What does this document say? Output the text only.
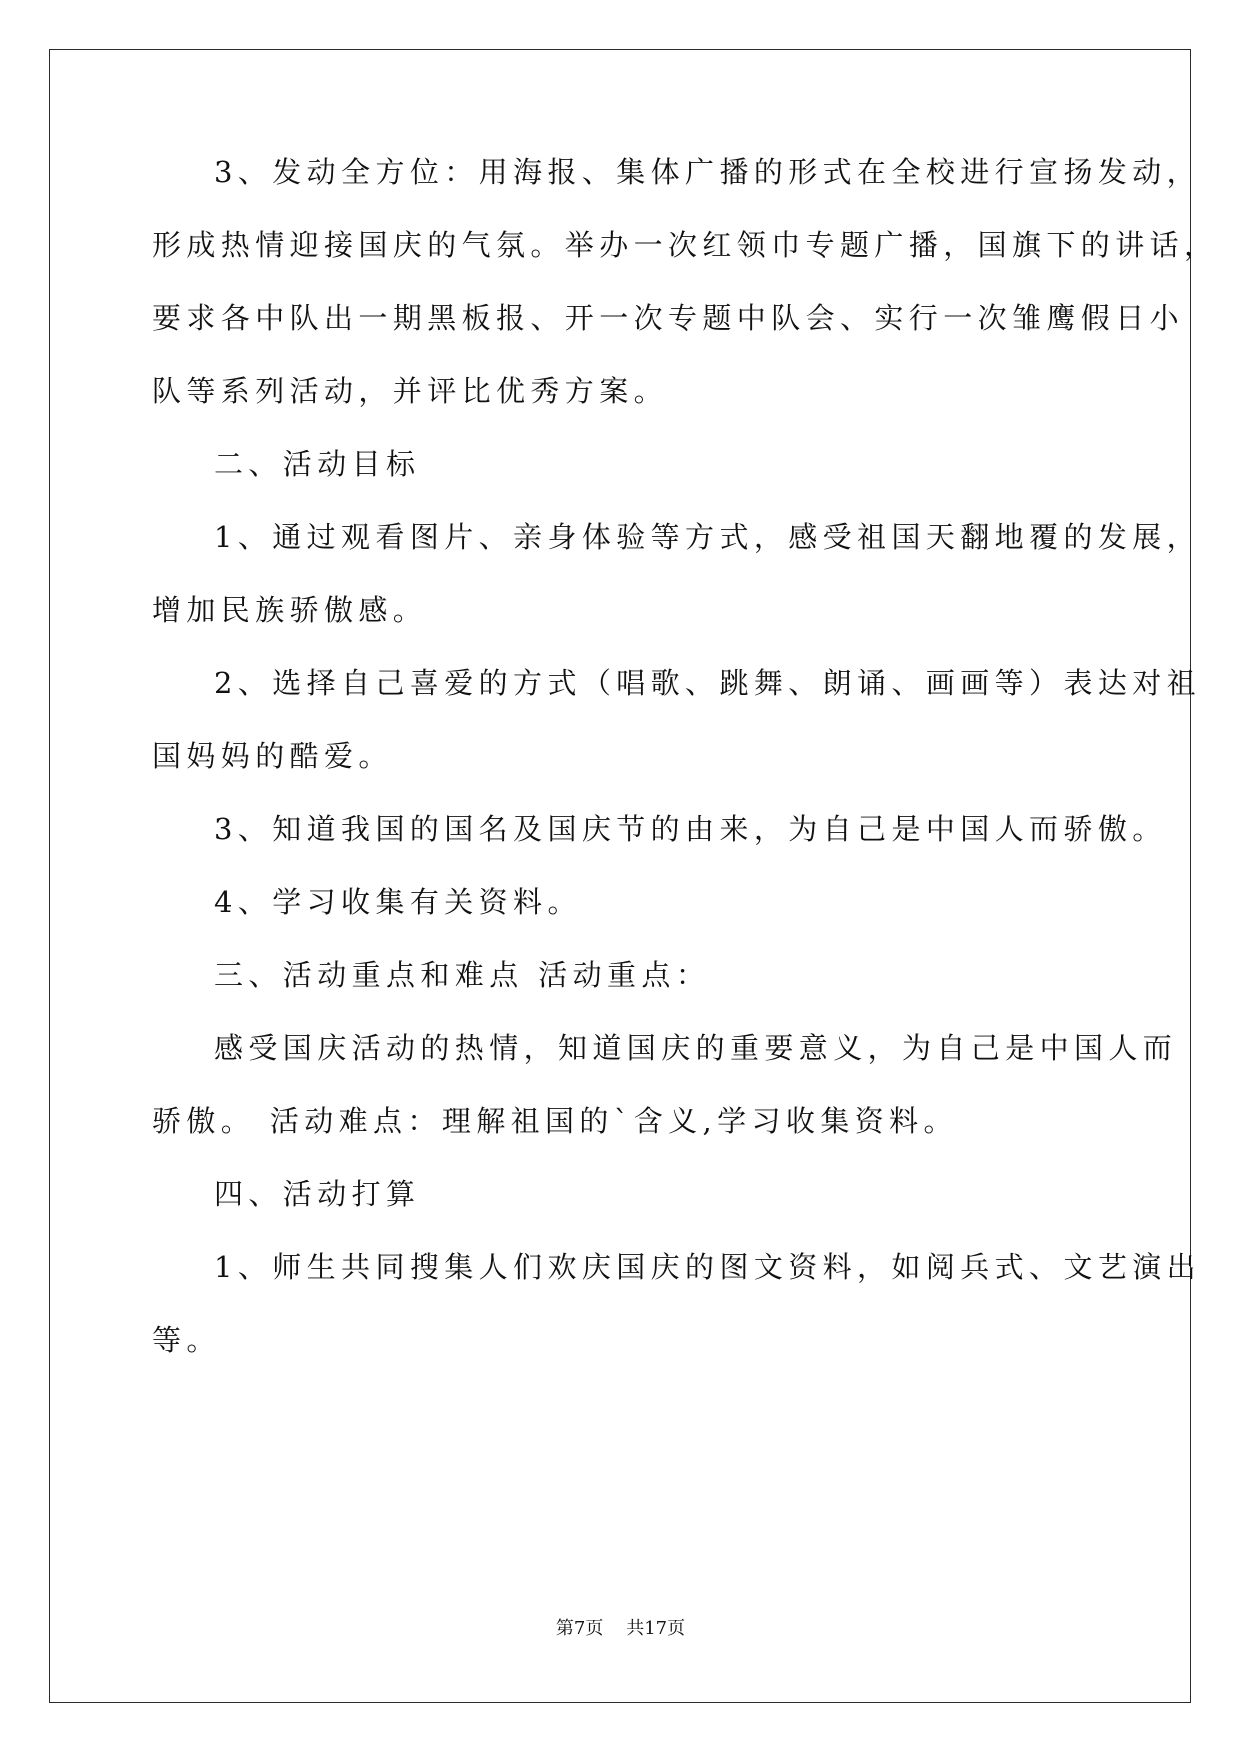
3、发动全方位：用海报、集体广播的形式在全校进行宣扬发动，
形成热情迎接国庆的气氛。举办一次红领巾专题广播，国旗下的讲话，
要求各中队出一期黑板报、开一次专题中队会、实行一次雏鹰假日小
队等系列活动，并评比优秀方案。
二、活动目标
1、通过观看图片、亲身体验等方式，感受祖国天翻地覆的发展，
增加民族骄傲感。
2、选择自己喜爱的方式（唱歌、跳舞、朗诵、画画等）表达对祖
国妈妈的酷爱。
3、知道我国的国名及国庆节的由来，为自己是中国人而骄傲。
4、学习收集有关资料。
三、活动重点和难点 活动重点：
感受国庆活动的热情，知道国庆的重要意义，为自己是中国人而
骄傲。 活动难点：理解祖国的`含义,学习收集资料。
四、活动打算
1、师生共同搜集人们欢庆国庆的图文资料，如阅兵式、文艺演出
等。
第7页    共17页
